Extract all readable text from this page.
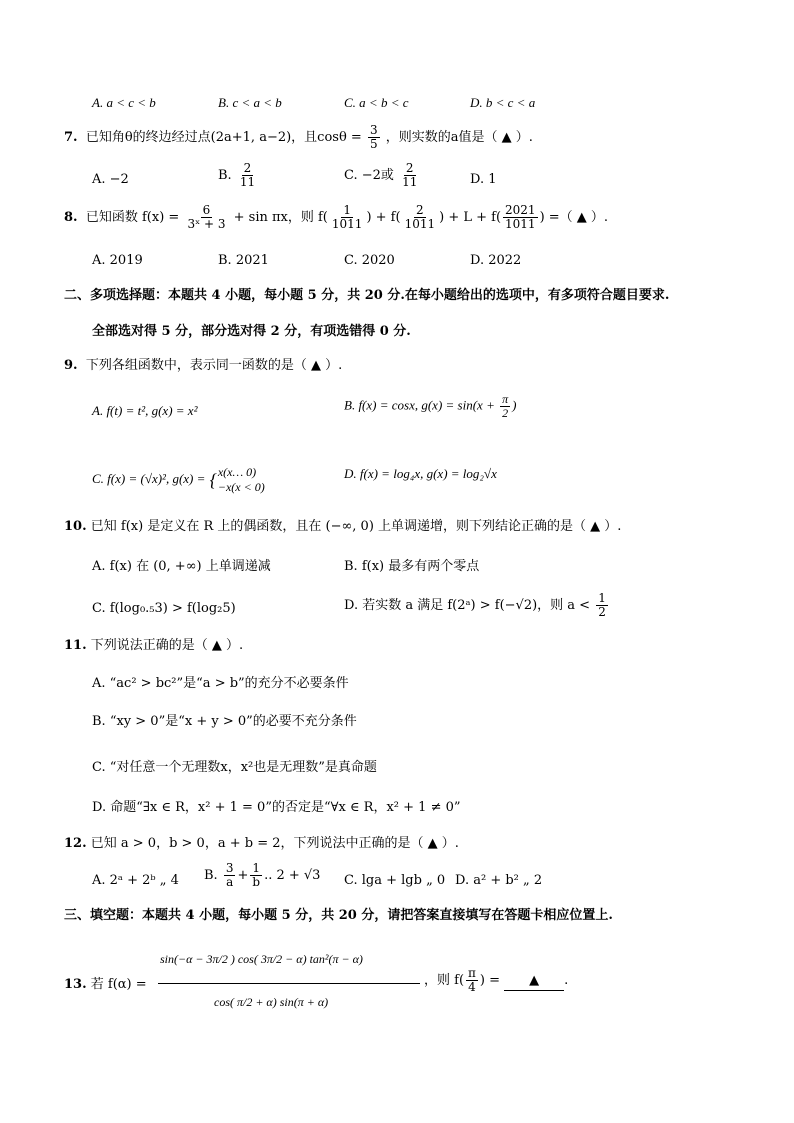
A. a < c < b	B. c < a < b	C. a < b < c	D. b < c < a
7. 已知角θ的终边经过点(2a+1, a−2)，且$\cos\theta = \frac{3}{5}$ ，则实数的a值是（ ▲ ）.
A. −2	B. $\frac{2}{11}$	C. −2或 $\frac{2}{11}$	D. 1
8. 已知函数 $f(x) = \frac{6}{\text{3ˣ + 3}} + \sin \pi x$，则 $f( \frac{1}{1011}$ ) + $f( \frac{2}{1011}$ ) + $L + f( \frac{2021}{1011}$ ) =（ ▲ ）.
A. 2019	B. 2021	C. 2020	D. 2022
二、多项选择题：本题共 4 小题，每小题 5 分，共 20 分.在每小题给出的选项中，有多项符合题目要求.
全部选对得 5 分，部分选对得 2 分，有项选错得 0 分.
9. 下列各组函数中，表示同一函数的是（ ▲ ）.
A. f(t) = t², g(x) = x²	B. f(x) = cosx, $g(x) = \sin(x + \frac{\pi}{2}$ )
C. f(x) = (√x)², g(x) = { x(x… 0)
−x(x < 0)
D. f(x) = log₄x, g(x) = log₂√x
10. 已知 f(x) 是定义在 R 上的偶函数，且在 (−∞, 0) 上单调递增，则下列结论正确的是（ ▲ ）.
A. f(x) 在 (0, +∞) 上单调递减	B. f(x) 最多有两个零点
C. f(log₀.₅3) > f(log₂5)	D. 若实数 a 满足 f(2ᵃ) > f(−√2)，则 $a < \frac{1}{2}$
11. 下列说法正确的是（ ▲ ）.
A. “ac² > bc²”是“a > b”的充分不必要条件
B. “xy > 0”是“x + y > 0”的必要不充分条件
C. “对任意一个无理数x，x²也是无理数”是真命题
D. 命题“∃x ∈ R，x² + 1 = 0”的否定是“∀x ∈ R，x² + 1 ≠ 0”
12. 已知 a > 0，b > 0，a + b = 2，下列说法中正确的是（ ▲ ）.
A. 2ᵃ + 2ᵇ „ 4 B. $\frac{3}{a} + \frac{1}{b}$ .. 2 + √3 C. lga + lgb „ 0 D. a² + b² „ 2
三、填空题：本题共 4 小题，每小题 5 分，共 20 分，请把答案直接填写在答题卡相应位置上.
13. 若 f(α) =
sin(−α − 3π/2 ) cos( 3π/2 − α) tan²(π − α)
cos( π/2 + α) sin(π + α)
，则 $f( \frac{\pi}{4}$ ) = ▲ .
